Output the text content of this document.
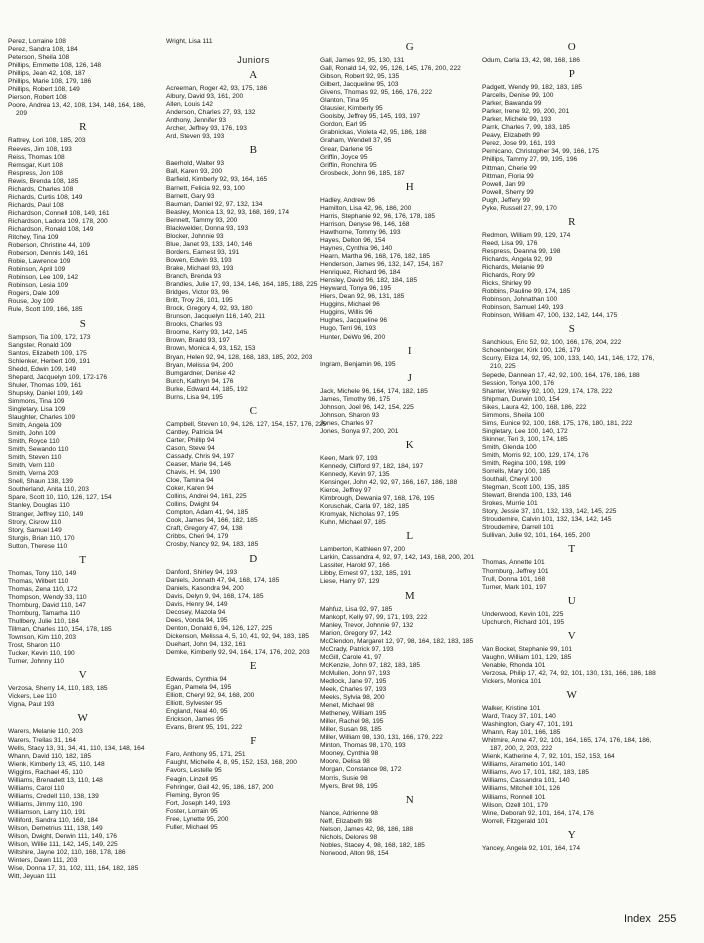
Perez, Lorraine 108
Perez, Sandra 108, 184
Peterson, Sheila 108
Phillips, Emmette 108, 126, 148
Phillips, Jean 42, 108, 187
Phillips, Marie 108, 179, 186
Phillips, Robert 108, 149
Pierson, Robert 108
Poore, Andrea 13, 42, 108, 134, 148, 164, 186, 209
R
Rattrey, Lori 108, 185, 203
Reeves, Jim 108, 193
Reiss, Thomas 108
Remsgar, Kurt 108
Respress, Jon 108
Rewis, Brenda 108, 185
Richards, Charles 108
Richards, Curtis 108, 149
Richards, Paul 108
Richardson, Connell 108, 149, 161
Richardson, Ladora 109, 178, 200
Richardson, Ronald 108, 149
Ritchey, Tina 109
Roberson, Christine 44, 109
Roberson, Dennis 149, 161
Robie, Lawrence 109
Robinson, April 109
Robinson, Lee 109, 142
Robinson, Lesia 109
Rogers, Dale 109
Rouse, Joy 109
Rule, Scott 109, 166, 185
S
Sampson, Tia 109, 172, 173
Sangster, Ronald 109
Santos, Elizabeth 109, 175
Schlenker, Herbert 109, 191
Shedd, Edwin 109, 149
Shepard, Jacquelyn 109, 172-176
Shuler, Thomas 109, 161
Shupsky, Daniel 109, 149
Simmons, Tina 109
Singletary, Lisa 109
Slaughter, Charles 109
Smith, Angela 109
Smith, John 109
Smith, Royce 110
Smith, Sewando 110
Smith, Steven 110
Smith, Vern 110
Smith, Verna 203
Snell, Shaun 138, 139
Southerland, Anita 110, 203
Spare, Scott 10, 110, 126, 127, 154
Stanley, Douglas 110
Stranger, Jeffrey 110, 149
Strory, Cisrow 110
Story, Samuel 149
Sturgis, Brian 110, 170
Sutton, Therese 110
T
Thomas, Tony 110, 149
Thomas, Wilbert 110
Thomas, Zena 110, 172
Thompson, Wendy 33, 110
Thornburg, David 110, 147
Thornburg, Tamarha 110
Thullbery, Julie 110, 184
Tillman, Charles 110, 154, 178, 185
Townson, Kim 110, 203
Trost, Sharon 110
Tucker, Kevin 110, 190
Turner, Johnny 110
V
Verzosa, Sherry 14, 110, 183, 185
Vickers, Lee 110
Vigna, Paul 193
W
Warers, Melanie 110, 203
Warers, Trellas 31, 164
Wells, Stacy 13, 31, 34, 41, 110, 134, 148, 164
Whann, David 110, 182, 185
Wienk, Kimberly 13, 45, 110, 148
Wiggins, Rachael 45, 110
Williams, Brenadett 13, 110, 148
Williams, Carol 110
Williams, Credell 110, 138, 139
Williams, Jimmy 110, 190
Williamson, Larry 110, 191
Williford, Sandra 110, 168, 184
Wilson, Demetrius 111, 138, 149
Wilson, Dwight, Derwin 111, 149, 176
Wilson, Willie 111, 142, 145, 149, 225
Wiltshire, Jayne 102, 110, 168, 178, 186
Winters, Dawn 111, 203
Wise, Donna 17, 31, 102, 111, 164, 182, 185
Witt, Jeyuan 111
Wright, Lisa 111
Juniors
A
Acreeman, Roger 42, 93, 175, 186
Albury, David 93, 161, 200
Allen, Louis 142
Anderson, Charles 27, 93, 132
Anthony, Jennifer 93
Archer, Jeffrey 93, 176, 193
Ard, Steven 93, 193
B
Baerhold, Walter 93
Ball, Karen 93, 200
Barfield, Kimberly 92, 93, 164, 165
Barnett, Felicia 92, 93, 100
Barnett, Gary 93
Bauman, Daniel 92, 97, 132, 134
Beasley, Monica 13, 92, 93, 168, 169, 174
Bennett, Tammy 93, 200
Blackwelder, Donna 93, 193
Blocker, Johnnie 93
Blue, Janet 93, 133, 140, 146
Borders, Earnest 93, 191
Bowen, Edwin 93, 193
Brake, Michael 93, 193
Branch, Brenda 93
Brandies, Julie 17, 93, 134, 146, 164, 185, 188, 225
Bridges, Victor 93, 96
Britt, Troy 26, 101, 195
Brock, Gregory 4, 92, 93, 180
Brunson, Jacquelyn 116, 140, 211
Brooks, Charles 93
Broome, Kerry 93, 142, 145
Brown, Bradd 93, 197
Brown, Monica 4, 93, 152, 153
Bryan, Helen 92, 94, 128, 168, 183, 185, 202, 203
Bryan, Melissa 94, 200
Bumgardner, Denise 42
Burch, Kathryn 94, 176
Burke, Edward 44, 185, 192
Burns, Lisa 94, 195
C
Campbell, Steven 10, 94, 126, 127, 154, 157, 176, 225
Cantley, Patricia 94
Carter, Phillip 94
Cason, Steve 94
Cassady, Chris 94, 197
Ceaser, Marie 94, 146
Chavis, H. 94, 190
Cloe, Tamina 94
Coker, Karen 94
Collins, Andrei 94, 161, 225
Collins, Dwight 94
Compton, Adam 41, 94, 185
Cook, James 94, 166, 182, 185
Craft, Gregory 47, 94, 138
Cribbs, Cheri 94, 179
Crosby, Nancy 92, 94, 183, 185
D
Danford, Shirley 94, 193
Daniels, Jonnath 47, 94, 168, 174, 185
Daniels, Kasondra 94, 200
Davis, Delyn 9, 94, 168, 174, 185
Davis, Henry 94, 149
Decosey, Mazola 94
Dees, Vonda 94, 195
Denton, Donald 6, 94, 126, 127, 225
Dickenson, Melissa 4, 5, 10, 41, 92, 94, 183, 185
Duehart, John 94, 132, 161
Demke, Kimberly 92, 94, 164, 174, 176, 202, 203
E
Edwards, Cynthia 94
Egan, Pamela 94, 195
Elliott, Cheryl 92, 94, 168, 200
Elliott, Sylvester 95
England, Neal 40, 95
Erickson, James 95
Evans, Brent 95, 191, 222
F
Faro, Anthony 95, 171, 251
Faught, Michelle 4, 8, 95, 152, 153, 168, 200
Favors, Lestelle 95
Feagin, Linzell 95
Fehringer, Gail 42, 95, 186, 187, 200
Fleming, Byron 95
Fort, Joseph 149, 193
Foster, Lorrain 95
Free, Lynette 95, 200
Fuller, Michael 95
G
Gall, James 92, 95, 130, 131
Gall, Ronald 14, 92, 95, 126, 145, 176, 200, 222
Gibson, Robert 92, 95, 135
Gilbert, Jacqueline 95, 103
Givens, Thomas 92, 95, 166, 176, 222
Glanton, Tina 95
Glausier, Kimberly 95
Goolsby, Jeffrey 95, 145, 193, 197
Gordon, Earl 95
Grabnickas, Violeta 42, 95, 186, 188
Graham, Wendell 37, 95
Grear, Darlene 95
Griffin, Joyce 95
Griffin, Ronchira 95
Grosbeck, John 96, 185, 187
H
Hadley, Andrew 96
Hamilton, Lisa 42, 96, 186, 200
Harris, Stephanie 92, 96, 176, 178, 185
Harrison, Denyse 96, 146, 168
Hawthorne, Tommy 96, 193
Hayes, Delton 96, 154
Haynes, Cynthia 96, 140
Hearn, Martha 96, 168, 176, 182, 185
Henderson, James 96, 132, 147, 154, 167
Henriquez, Richard 96, 184
Hensley, David 96, 182, 184, 185
Heyward, Tonya 96, 195
Hiers, Dean 92, 96, 131, 185
Huggins, Michael 96
Huggins, Willis 96
Hughes, Jacqueline 96
Hugo, Terri 96, 193
Hunter, DeWo 96, 200
I
Ingram, Benjamin 96, 195
J
Jack, Michele 96, 164, 174, 182, 185
James, Timothy 96, 175
Johnson, Joel 96, 142, 154, 225
Johnson, Sharon 93
Jones, Charles 97
Jones, Sonya 97, 200, 201
K
Keen, Mark 97, 193
Kennedy, Clifford 97, 182, 184, 197
Kennedy, Kevin 97, 135
Kensinger, John 42, 92, 97, 166, 167, 186, 188
Kierce, Jeffrey 97
Kimbrough, Dewania 97, 168, 176, 195
Koruschak, Carla 97, 182, 185
Kromyak, Nicholas 97, 195
Kuhn, Michael 97, 185
L
Lamberton, Kathleen 97, 200
Larkin, Cassandra 4, 92, 97, 142, 143, 168, 200, 201
Lassiter, Harold 97, 166
Libby, Ernest 97, 132, 185, 191
Liese, Harry 97, 129
M
Mahfuz, Lisa 92, 97, 185
Mankopf, Kelly 97, 99, 171, 193, 222
Manley, Trevor, Johnnie 97, 132
Marion, Gregory 97, 142
McClendon, Margaret 12, 97, 98, 164, 182, 183, 185
McCrady, Patrick 97, 193
McGill, Carole 41, 97
McKenzie, John 97, 182, 183, 185
McMullen, John 97, 193
Medlock, Jane 97, 195
Meek, Charles 97, 193
Meeks, Sylvia 98, 200
Menet, Michael 98
Metheney, William 195
Miller, Rachel 98, 195
Miller, Susan 98, 185
Miller, William 98, 130, 131, 166, 179, 222
Minton, Thomas 98, 170, 193
Mooney, Cynthia 98
Moore, Delisa 98
Morgan, Constance 98, 172
Morris, Susie 98
Myers, Bret 98, 195
N
Nance, Adrienne 98
Neff, Elizabeth 98
Nelson, James 42, 98, 186, 188
Nichols, Delores 98
Nobles, Stacey 4, 98, 168, 182, 185
Norwood, Alton 98, 154
O
Odum, Carla 13, 42, 98, 168, 186
P
Padgett, Wendy 99, 182, 183, 185
Parcells, Denise 99, 100
Parker, Bawanda 99
Parker, Irene 92, 99, 200, 201
Parker, Michele 99, 193
Parrk, Charles 7, 99, 183, 185
Peavy, Elizabeth 99
Perez, Jose 99, 161, 193
Pernicano, Christopher 34, 99, 166, 175
Phillips, Tammy 27, 99, 195, 196
Pittman, Cherie 99
Pittman, Floria 99
Powell, Jan 99
Powell, Sherry 99
Pugh, Jeffery 99
Pyke, Russell 27, 99, 170
R
Redmon, William 99, 129, 174
Reed, Lisa 99, 176
Respress, Deanna 99, 198
Richards, Angela 92, 99
Richards, Melanie 99
Richards, Rory 99
Ricks, Shirley 99
Robbins, Pauline 99, 174, 185
Robinson, Johnathan 100
Robinson, Samuel 149, 193
Robinson, William 47, 100, 132, 142, 144, 175
S
Sanchious, Eric 52, 92, 100, 166, 176, 204, 222
Schoenberger, Kirk 100, 126, 179
Scurry, Eliza 14, 92, 95, 100, 133, 140, 141, 146, 172, 176, 210, 225
Sepede, Dannean 17, 42, 92, 100, 164, 176, 186, 188
Session, Tonya 100, 176
Shanter, Wesley 92, 100, 129, 174, 178, 222
Shipman, Durwin 100, 154
Sikes, Laura 42, 100, 168, 186, 222
Simmons, Sheila 100
Sims, Eunice 92, 100, 168, 175, 176, 180, 181, 222
Singletary, Lee 100, 140, 172
Skinner, Teri 3, 100, 174, 185
Smith, Glenda 100
Smith, Morris 92, 100, 129, 174, 176
Smith, Regina 100, 198, 199
Sorrells, Mary 100, 185
Southall, Cheryl 100
Stegman, Scott 100, 135, 185
Stewart, Brenda 100, 133, 146
Srokes, Murrie 101
Story, Jessie 37, 101, 132, 133, 142, 145, 225
Stroudemire, Calvin 101, 132, 134, 142, 145
Stroudemire, Darrell 101
Sullivan, Julie 92, 101, 164, 165, 200
T
Thomas, Annette 101
Thornburg, Jeffrey 101
Trull, Donna 101, 168
Turner, Mark 101, 197
U
Underwood, Kevin 101, 225
Upchurch, Richard 101, 195
V
Van Bockel, Stephanie 99, 101
Vaughn, William 101, 129, 185
Venable, Rhonda 101
Verzosa, Philip 17, 42, 74, 92, 101, 130, 131, 166, 186, 188
Vickers, Monica 101
W
Walker, Kristine 101
Ward, Tracy 37, 101, 140
Washington, Gary 47, 101, 191
Whann, Ray 101, 166, 185
Whitmire, Anne 47, 92, 101, 164, 165, 174, 176, 184, 186, 187, 200, 2, 203, 222
Wienk, Katherine 4, 7, 92, 101, 152, 153, 164
Williams, Airametio 101, 140
Williams, Avo 17, 101, 182, 183, 185
Williams, Cassandra 101, 140
Williams, Mitchell 101, 126
Williams, Ronnell 101
Wilson, Ozell 101, 179
Wine, Deborah 92, 101, 164, 174, 176
Worrell, Fitzgerald 101
Y
Yancey, Angela 92, 101, 164, 174
Index 255
